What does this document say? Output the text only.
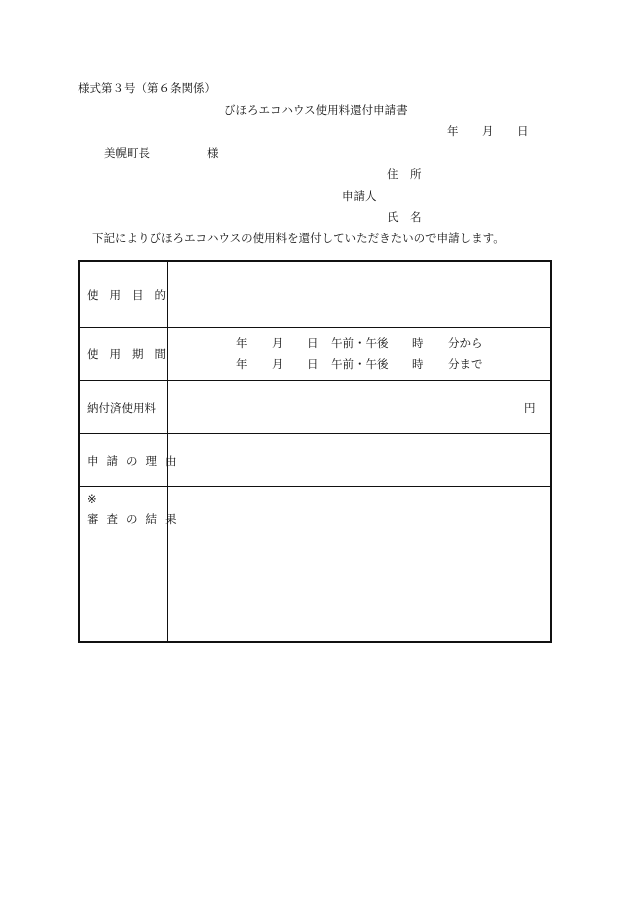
様式第３号（第６条関係）
びほろエコハウス使用料還付申請書
年 月 日
美幌町長	様
住　所
申請人
氏　名
下記によりびほろエコハウスの使用料を還付していただきたいので申請します。
使用目的
使用期間
年 月 日 午前・午後 時 分から
年 月 日 午前・午後 時 分まで
納付済使用料	円
申請の理由
※
審査の結果
